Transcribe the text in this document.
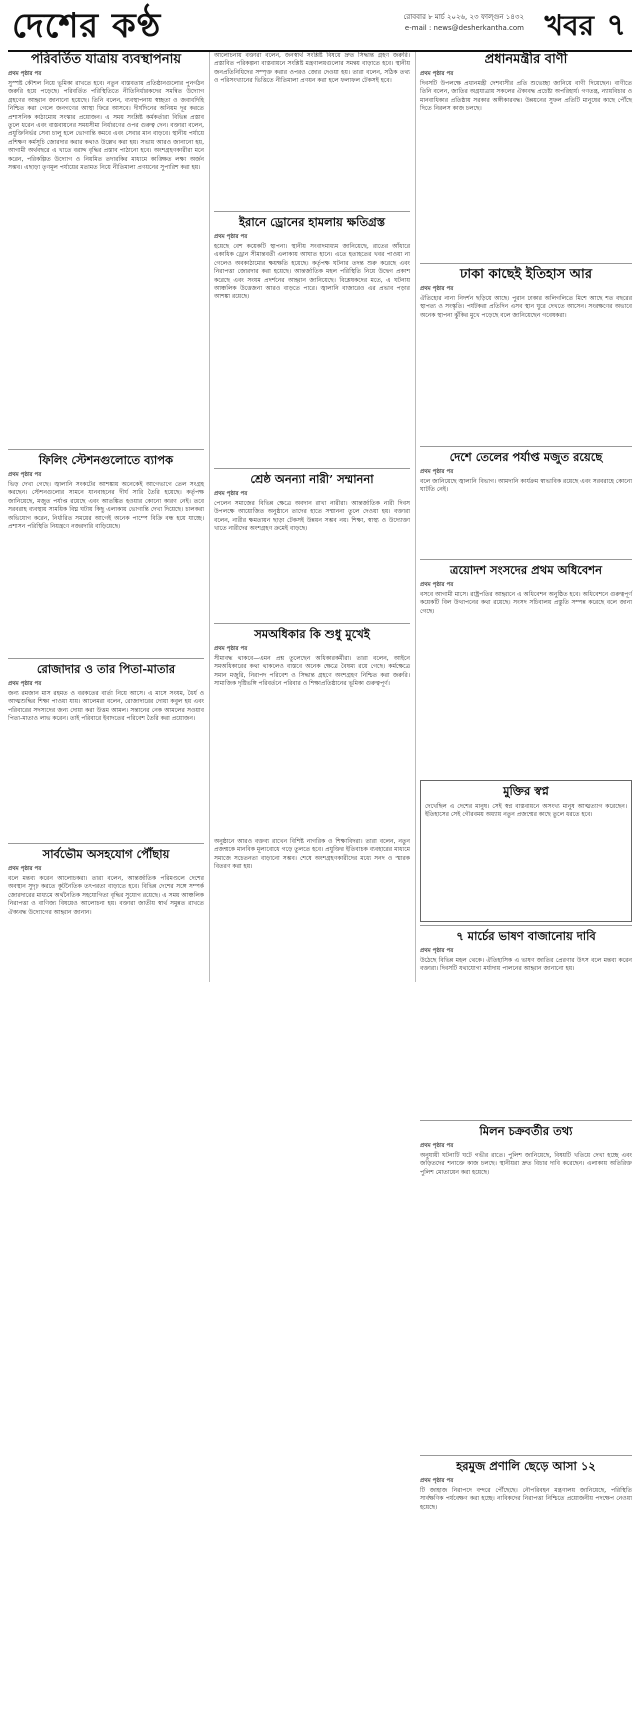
দেশের কণ্ঠ	রোববার ৮ মার্চ ২০২৬, ২৩ ফাল্গুন ১৪৩২
e-mail : news@desherkantha.com খবর ৭
পরিবর্তিত যাত্রায় ব্যবস্থাপনায়
প্রথম পৃষ্ঠার পর
সুস্পষ্ট কৌশল নিয়ে ভূমিকা রাখতে হবে। নতুন বাস্তবতায় প্রতিষ্ঠানগুলোর পুনর্গঠন জরুরি হয়ে পড়েছে। পরিবর্তিত পরিস্থিতিতে নীতিনির্ধারকদের সমন্বিত উদ্যোগ গ্রহণের আহ্বান জানানো হয়েছে। তিনি বলেন, ব্যবস্থাপনায় স্বচ্ছতা ও জবাবদিহি নিশ্চিত করা গেলে জনগণের আস্থা ফিরে আসবে। দীর্ঘদিনের অনিয়ম দূর করতে প্রশাসনিক কাঠামোয় সংস্কার প্রয়োজন। এ সময় সংশ্লিষ্ট কর্মকর্তারা বিভিন্ন প্রস্তাব তুলে ধরেন এবং বাস্তবায়নের সময়সীমা নির্ধারণের ওপর গুরুত্ব দেন। বক্তারা বলেন, প্রযুক্তিনির্ভর সেবা চালু হলে ভোগান্তি কমবে এবং সেবার মান বাড়বে। স্থানীয় পর্যায়ে প্রশিক্ষণ কর্মসূচি জোরদার করার কথাও উল্লেখ করা হয়। সভায় আরও জানানো হয়, আগামী অর্থবছরে এ খাতে বরাদ্দ বৃদ্ধির প্রস্তাব পাঠানো হবে। অংশগ্রহণকারীরা মনে করেন, পরিকল্পিত উদ্যোগ ও নিয়মিত তদারকির মাধ্যমে কাঙ্ক্ষিত লক্ষ্য অর্জন সম্ভব। এছাড়া তৃণমূল পর্যায়ের মতামত নিয়ে নীতিমালা প্রণয়নের সুপারিশ করা হয়।
ফিলিং স্টেশনগুলোতে ব্যাপক
প্রথম পৃষ্ঠার পর
ভিড় দেখা গেছে। জ্বালানি সংকটের আশঙ্কায় অনেকেই আগেভাগে তেল সংগ্রহ করছেন। স্টেশনগুলোর সামনে যানবাহনের দীর্ঘ সারি তৈরি হয়েছে। কর্তৃপক্ষ জানিয়েছে, মজুত পর্যাপ্ত রয়েছে এবং আতঙ্কিত হওয়ার কোনো কারণ নেই। তবে সরবরাহ ব্যবস্থায় সাময়িক বিঘ্ন ঘটায় কিছু এলাকায় ভোগান্তি দেখা দিয়েছে। চালকরা অভিযোগ করেন, নির্ধারিত সময়ের আগেই অনেক পাম্পে বিক্রি বন্ধ হয়ে যাচ্ছে। প্রশাসন পরিস্থিতি নিয়ন্ত্রণে নজরদারি বাড়িয়েছে।
রোজাদার ও তার পিতা-মাতার
প্রথম পৃষ্ঠার পর
জন্য রমজান মাস রহমত ও বরকতের বার্তা নিয়ে আসে। এ মাসে সংযম, ধৈর্য ও আত্মশুদ্ধির শিক্ষা পাওয়া যায়। আলেমরা বলেন, রোজাদারের দোয়া কবুল হয় এবং পরিবারের সদস্যদের জন্য দোয়া করা উত্তম আমল। সন্তানের নেক আমলের সওয়াব পিতা-মাতাও লাভ করেন। তাই পরিবারে ইবাদতের পরিবেশ তৈরি করা প্রয়োজন।
সার্বভৌম অসহযোগ পৌঁছায়
প্রথম পৃষ্ঠার পর
বলে মন্তব্য করেন আলোচকরা। তারা বলেন, আন্তর্জাতিক পরিমণ্ডলে দেশের অবস্থান সুদৃঢ় করতে কূটনৈতিক তৎপরতা বাড়াতে হবে। বিভিন্ন দেশের সঙ্গে সম্পর্ক জোরদারের মাধ্যমে অর্থনৈতিক সহযোগিতা বৃদ্ধির সুযোগ রয়েছে। এ সময় আঞ্চলিক নিরাপত্তা ও বাণিজ্য বিষয়েও আলোচনা হয়। বক্তারা জাতীয় স্বার্থ সমুন্নত রাখতে ঐক্যবদ্ধ উদ্যোগের আহ্বান জানান।
আলোচনায় বক্তারা বলেন, জনস্বার্থ সংশ্লিষ্ট বিষয়ে দ্রুত সিদ্ধান্ত গ্রহণ জরুরি। প্রস্তাবিত পরিকল্পনা বাস্তবায়নে সংশ্লিষ্ট মন্ত্রণালয়গুলোর সমন্বয় বাড়াতে হবে। স্থানীয় জনপ্রতিনিধিদের সম্পৃক্ত করার ওপরও জোর দেওয়া হয়। তারা বলেন, সঠিক তথ্য ও পরিসংখ্যানের ভিত্তিতে নীতিমালা প্রণয়ন করা হলে ফলাফল টেকসই হবে।
ইরানে ড্রোনের হামলায় ক্ষতিগ্রস্ত
প্রথম পৃষ্ঠার পর
হয়েছে বেশ কয়েকটি স্থাপনা। স্থানীয় সংবাদমাধ্যম জানিয়েছে, রাতের আঁধারে একাধিক ড্রোন সীমান্তবর্তী এলাকায় আঘাত হানে। এতে হতাহতের খবর পাওয়া না গেলেও অবকাঠামোর ক্ষয়ক্ষতি হয়েছে। কর্তৃপক্ষ ঘটনার তদন্ত শুরু করেছে এবং নিরাপত্তা জোরদার করা হয়েছে। আন্তর্জাতিক মহল পরিস্থিতি নিয়ে উদ্বেগ প্রকাশ করেছে এবং সংযম প্রদর্শনের আহ্বান জানিয়েছে। বিশ্লেষকদের মতে, এ ঘটনায় আঞ্চলিক উত্তেজনা আরও বাড়তে পারে। জ্বালানি বাজারেও এর প্রভাব পড়ার আশঙ্কা রয়েছে।
শ্রেষ্ঠ অনন্যা নারী’ সম্মাননা
প্রথম পৃষ্ঠার পর
পেলেন সমাজের বিভিন্ন ক্ষেত্রে অবদান রাখা নারীরা। আন্তর্জাতিক নারী দিবস উপলক্ষে আয়োজিত অনুষ্ঠানে তাদের হাতে সম্মাননা তুলে দেওয়া হয়। বক্তারা বলেন, নারীর ক্ষমতায়ন ছাড়া টেকসই উন্নয়ন সম্ভব নয়। শিক্ষা, স্বাস্থ্য ও উদ্যোক্তা খাতে নারীদের অংশগ্রহণ ক্রমেই বাড়ছে।
সমঅধিকার কি শুধু মুখেই
প্রথম পৃষ্ঠার পর
সীমাবদ্ধ থাকবে—এমন প্রশ্ন তুলেছেন অধিকারকর্মীরা। তারা বলেন, আইনে সমঅধিকারের কথা থাকলেও বাস্তবে অনেক ক্ষেত্রে বৈষম্য রয়ে গেছে। কর্মক্ষেত্রে সমান মজুরি, নিরাপদ পরিবেশ ও সিদ্ধান্ত গ্রহণে অংশগ্রহণ নিশ্চিত করা জরুরি। সামাজিক দৃষ্টিভঙ্গি পরিবর্তনে পরিবার ও শিক্ষাপ্রতিষ্ঠানের ভূমিকা গুরুত্বপূর্ণ।
অনুষ্ঠানে আরও বক্তব্য রাখেন বিশিষ্ট নাগরিক ও শিক্ষাবিদরা। তারা বলেন, নতুন প্রজন্মকে মানবিক মূল্যবোধে গড়ে তুলতে হবে। প্রযুক্তির ইতিবাচক ব্যবহারের মাধ্যমে সমাজে সচেতনতা বাড়ানো সম্ভব। শেষে অংশগ্রহণকারীদের মধ্যে সনদ ও স্মারক বিতরণ করা হয়।
প্রধানমন্ত্রীর বাণী
প্রথম পৃষ্ঠার পর
দিবসটি উপলক্ষে প্রধানমন্ত্রী দেশবাসীর প্রতি শুভেচ্ছা জানিয়ে বাণী দিয়েছেন। বাণীতে তিনি বলেন, জাতির অগ্রযাত্রায় সকলের ঐক্যবদ্ধ প্রচেষ্টা অপরিহার্য। গণতন্ত্র, ন্যায়বিচার ও মানবাধিকার প্রতিষ্ঠায় সরকার অঙ্গীকারবদ্ধ। উন্নয়নের সুফল প্রতিটি মানুষের কাছে পৌঁছে দিতে নিরলস কাজ চলছে।
ঢাকা কাছেই ইতিহাস আর
প্রথম পৃষ্ঠার পর
ঐতিহ্যের নানা নিদর্শন ছড়িয়ে আছে। পুরান ঢাকার অলিগলিতে মিশে আছে শত বছরের স্থাপত্য ও সংস্কৃতি। পর্যটকরা প্রতিদিন এসব স্থান ঘুরে দেখতে আসেন। সংরক্ষণের অভাবে অনেক স্থাপনা ঝুঁকির মুখে পড়েছে বলে জানিয়েছেন গবেষকরা।
দেশে তেলের পর্যাপ্ত মজুত রয়েছে
প্রথম পৃষ্ঠার পর
বলে জানিয়েছে জ্বালানি বিভাগ। আমদানি কার্যক্রম স্বাভাবিক রয়েছে এবং সরবরাহে কোনো ঘাটতি নেই।
ত্রয়োদশ সংসদের প্রথম অধিবেশন
প্রথম পৃষ্ঠার পর
বসবে আগামী মাসে। রাষ্ট্রপতির আহ্বানে এ অধিবেশন অনুষ্ঠিত হবে। অধিবেশনে গুরুত্বপূর্ণ কয়েকটি বিল উত্থাপনের কথা রয়েছে। সংসদ সচিবালয় প্রস্তুতি সম্পন্ন করেছে বলে জানা গেছে।
মুক্তির স্বপ্ন
দেখেছিল এ দেশের মানুষ। সেই স্বপ্ন বাস্তবায়নে অসংখ্য মানুষ আত্মত্যাগ করেছেন। ইতিহাসের সেই গৌরবময় অধ্যায় নতুন প্রজন্মের কাছে তুলে ধরতে হবে।
৭ মার্চের ভাষণ বাজানোয় দাবি
প্রথম পৃষ্ঠার পর
উঠেছে বিভিন্ন মহল থেকে। ঐতিহাসিক এ ভাষণ জাতির প্রেরণার উৎস বলে মন্তব্য করেন বক্তারা। দিবসটি যথাযোগ্য মর্যাদায় পালনের আহ্বান জানানো হয়।
মিলন চক্রবর্তীর তথ্য
প্রথম পৃষ্ঠার পর
অনুযায়ী ঘটনাটি ঘটে গভীর রাতে। পুলিশ জানিয়েছে, বিষয়টি খতিয়ে দেখা হচ্ছে এবং জড়িতদের শনাক্তে কাজ চলছে। স্থানীয়রা দ্রুত বিচার দাবি করেছেন। এলাকায় অতিরিক্ত পুলিশ মোতায়েন করা হয়েছে।
হরমুজ প্রণালি ছেড়ে আসা ১২
প্রথম পৃষ্ঠার পর
টি জাহাজ নিরাপদে বন্দরে পৌঁছেছে। নৌপরিবহন মন্ত্রণালয় জানিয়েছে, পরিস্থিতি সার্বক্ষণিক পর্যবেক্ষণ করা হচ্ছে। নাবিকদের নিরাপত্তা নিশ্চিতে প্রয়োজনীয় পদক্ষেপ নেওয়া হয়েছে।
